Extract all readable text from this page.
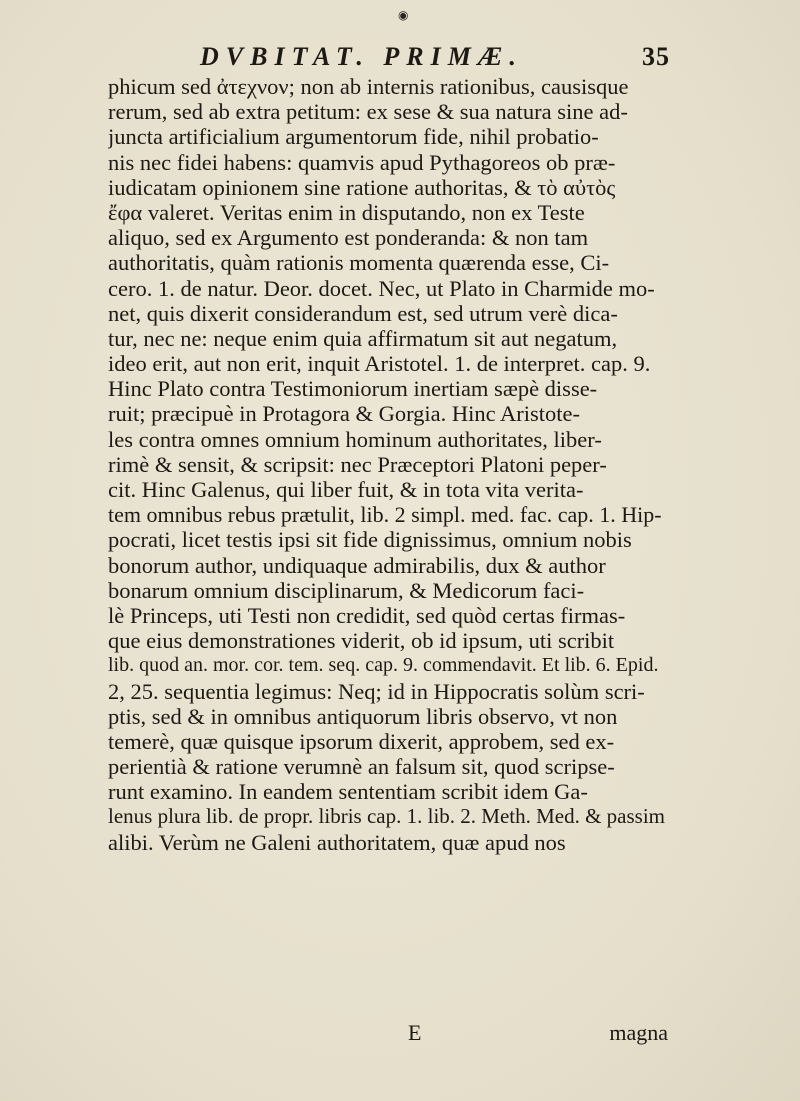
◉
DVBITAT. PRIMÆ.	35
phicum sed ἀτεχνον; non ab internis rationibus, causisque
rerum, sed ab extra petitum: ex sese & sua natura sine ad-
juncta artificialium argumentorum fide, nihil probatio-
nis nec fidei habens: quamvis apud Pythagoreos ob præ-
iudicatam opinionem sine ratione authoritas, & τὸ αὐτὸς
ἔφα valeret. Veritas enim in disputando, non ex Teste
aliquo, sed ex Argumento est ponderanda: & non tam
authoritatis, quàm rationis momenta quærenda esse, Ci-
cero. 1. de natur. Deor. docet. Nec, ut Plato in Charmide mo-
net, quis dixerit considerandum est, sed utrum verè dica-
tur, nec ne: neque enim quia affirmatum sit aut negatum,
ideo erit, aut non erit, inquit Aristotel. 1. de interpret. cap. 9.
Hinc Plato contra Testimoniorum inertiam sæpè disse-
ruit; præcipuè in Protagora & Gorgia. Hinc Aristote-
les contra omnes omnium hominum authoritates, liber-
rimè & sensit, & scripsit: nec Præceptori Platoni peper-
cit. Hinc Galenus, qui liber fuit, & in tota vita verita-
tem omnibus rebus prætulit, lib. 2 simpl. med. fac. cap. 1. Hip-
pocrati, licet testis ipsi sit fide dignissimus, omnium nobis
bonorum author, undiquaque admirabilis, dux & author
bonarum omnium disciplinarum, & Medicorum faci-
lè Princeps, uti Testi non credidit, sed quòd certas firmas-
que eius demonstrationes viderit, ob id ipsum, uti scribit
lib. quod an. mor. cor. tem. seq. cap. 9. commendavit. Et lib. 6. Epid.
2, 25. sequentia legimus: Neq; id in Hippocratis solùm scri-
ptis, sed & in omnibus antiquorum libris observo, vt non
temerè, quæ quisque ipsorum dixerit, approbem, sed ex-
perientià & ratione verumnè an falsum sit, quod scripse-
runt examino. In eandem sententiam scribit idem Ga-
lenus plura lib. de propr. libris cap. 1. lib. 2. Meth. Med. & passim
alibi. Verùm ne Galeni authoritatem, quæ apud nos
E	magna
